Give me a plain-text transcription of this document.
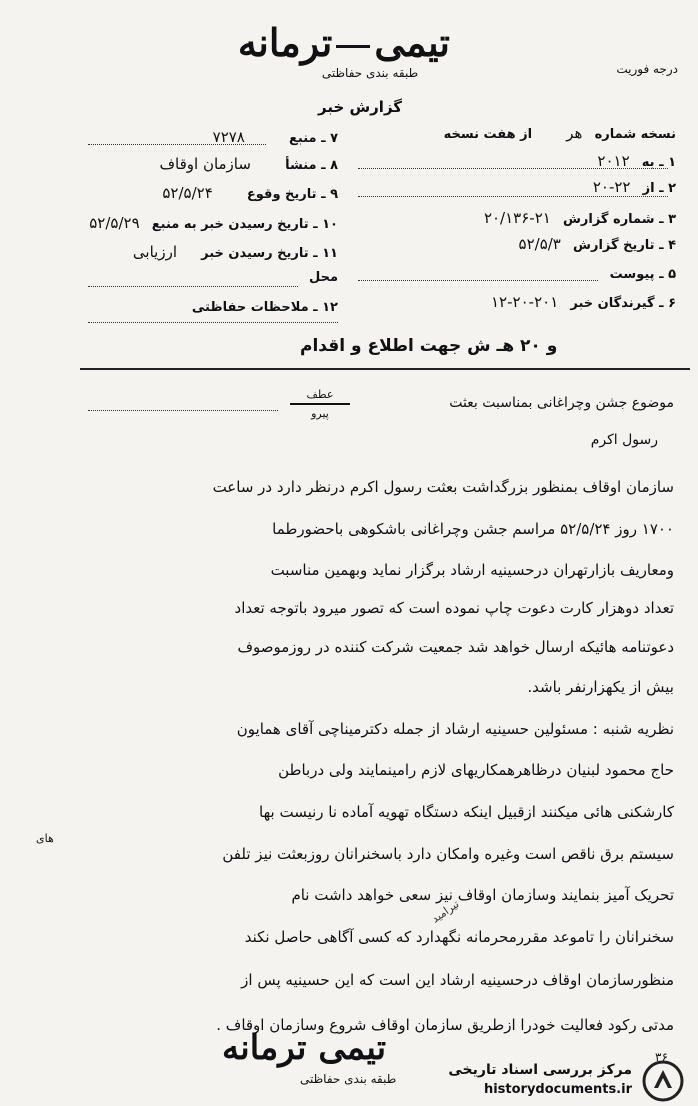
تیمیترمانه
طبقه بندی حفاظتی	درجه فوریت
گزارش خبر
نسخه شماره هر از هفت نسخه
۱ ـ به ۲۰۱۲
۲ ـ از ۲۲-۲۰
۳ ـ شماره گزارش ۲۱-۲۰/۱۳۶
۴ ـ تاریخ گزارش ۵۲/۵/۳
۵ ـ پیوست
۶ ـ گیرندگان خبر ۲۰۱-۲۰-۱۲
۷ ـ منبع ۷۲۷۸
۸ ـ منشأ سازمان اوقاف
۹ ـ تاریخ وقوع ۵۲/۵/۲۴
۱۰ ـ تاریخ رسیدن خبر به منبع ۵۲/۵/۲۹
۱۱ ـ تاریخ رسیدن خبر ارزیابی
محل
۱۲ ـ ملاحظات حفاظتی
و ۲۰ هـ ش جهت اطلاع و اقدام
موضوع جشن وچراغانی بمناسبت بعثت
عطف
پیرو
رسول اکرم
سازمان اوقاف بمنظور بزرگداشت بعثت رسول اکرم درنظر دارد در ساعت
۱۷۰۰ روز ۵۲/۵/۲۴ مراسم جشن وچراغانی باشکوهی باحضورطما
ومعاریف بازارتهران درحسینیه ارشاد برگزار نماید وبهمین مناسبت
تعداد دوهزار کارت دعوت چاپ نموده است که تصور میرود باتوجه تعداد
دعوتنامه هائیکه ارسال خواهد شد جمعیت شرکت کننده در روزموصوف
بیش از یکهزارنفر باشد.
نظریه شنبه : مسئولین حسینیه ارشاد از جمله دکترمیناچی آقای همایون
حاج محمود لبنیان درظاهرهمکاریهای لازم رامینمایند ولی درباطن
کارشکنی هائی میکنند ازقبیل اینکه دستگاه تهویه آماده نا رنیست بها
های
سیستم برق ناقص است وغیره وامکان دارد باسخنرانان روزبعثت نیز تلفن
تحریک آمیز بنمایند وسازمان اوقاف نیز سعی خواهد داشت نام
تیرامید
سخنرانان را تاموعد مقررمحرمانه نگهدارد که کسی آگاهی حاصل نکند
منظورسازمان اوقاف درحسینیه ارشاد این است که این حسینیه پس از
مدتی رکود فعالیت خودرا ازطریق سازمان اوقاف شروع وسازمان اوقاف .
تیمی ترمانه
طبقه بندی حفاظتی
۳۶
مرکز بررسی اسناد تاریخی
historydocuments.ir
